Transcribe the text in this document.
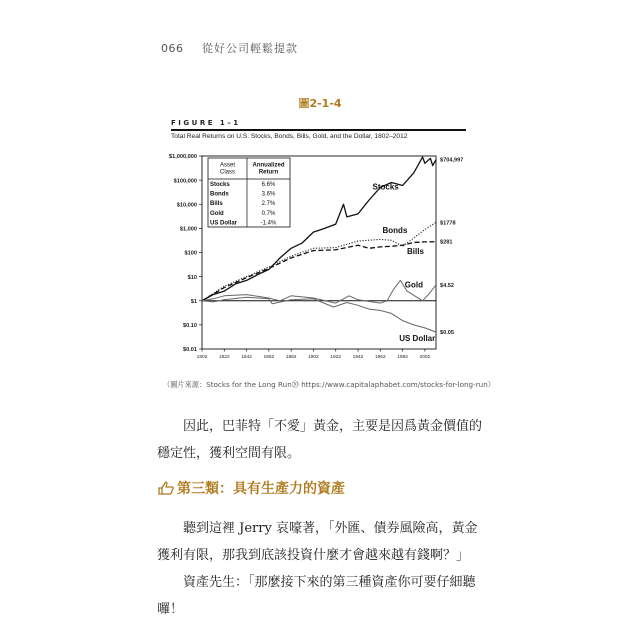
066 從好公司輕鬆提款
圖2-1-4
FIGURE 1–1
Total Real Returns on U.S. Stocks, Bonds, Bills, Gold, and the Dollar, 1802–2012
$0.01
$0.10
$1
$10
$100
$1,000
$10,000
$100,000
$1,000,000
1802 1822 1842 1862 1882 1902 1922 1942 1962 1982 2002
Asset Class
Annualized Return
Stocks	6.6%
Bonds	3.6%
Bills	2.7%
Gold	0.7%
US Dollar	-1.4%
$704,997
$1778
$281
$4.52
$0.05
Stocks
Bonds
Bills
Gold
US Dollar
（圖片來源：Stocks for the Long Run⑳ https://www.capitalaphabet.com/stocks-for-long-run）
因此，巴菲特「不愛」黃金，主要是因爲黃金價值的穩定性，獲利空間有限。
第三類：具有生產力的資產
聽到這裡 Jerry 哀嚎著，「外匯、債券風險高，黃金獲利有限，那我到底該投資什麼才會越來越有錢啊？」
資產先生：「那麼接下來的第三種資產你可要仔細聽囉！
